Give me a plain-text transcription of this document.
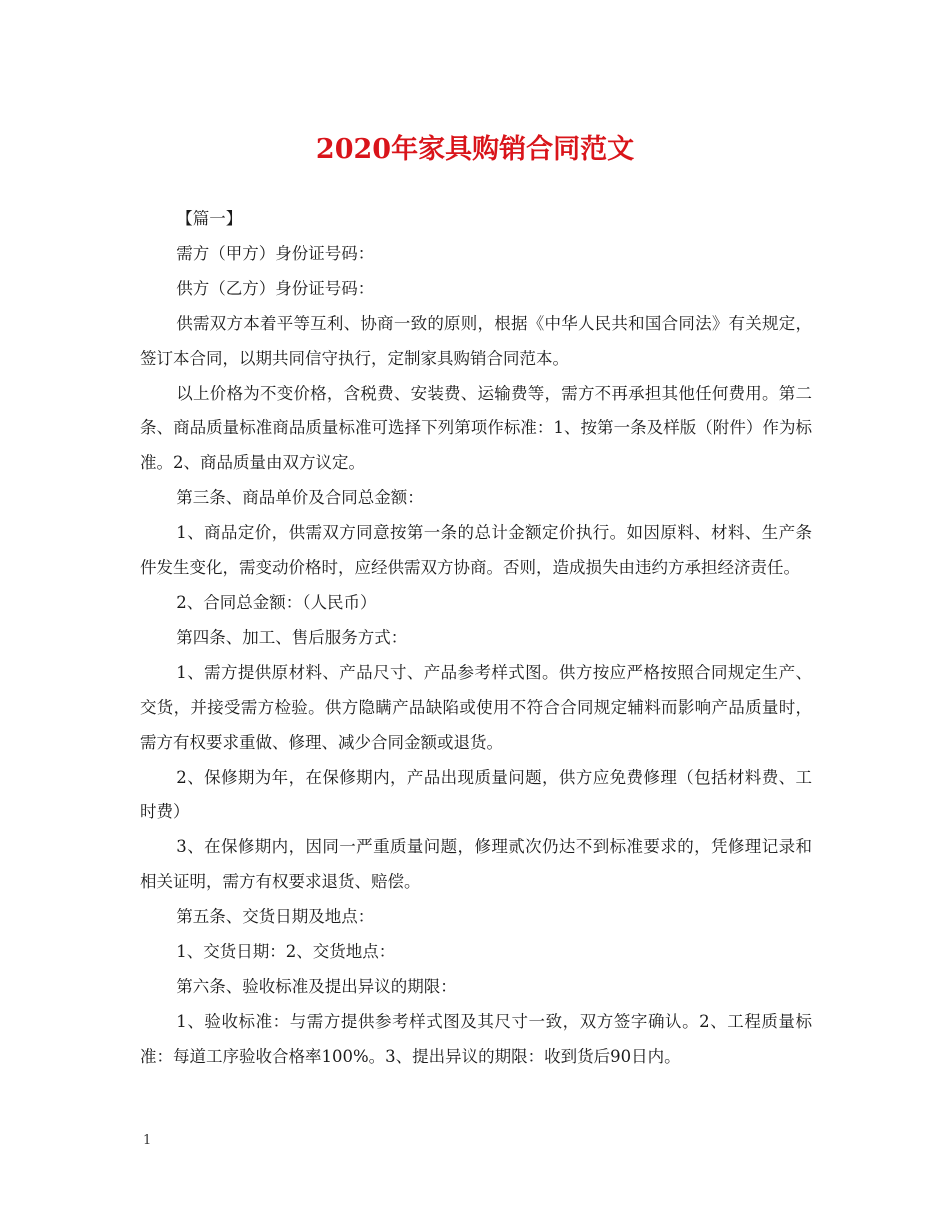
2020年家具购销合同范文

【篇一】

需方（甲方）身份证号码：

供方（乙方）身份证号码：

供需双方本着平等互利、协商一致的原则，根据《中华人民共和国合同法》有关规定，签订本合同，以期共同信守执行，定制家具购销合同范本。

以上价格为不变价格，含税费、安装费、运输费等，需方不再承担其他任何费用。第二条、商品质量标准商品质量标准可选择下列第项作标准：1、按第一条及样版（附件）作为标准。2、商品质量由双方议定。

第三条、商品单价及合同总金额：

1、商品定价，供需双方同意按第一条的总计金额定价执行。如因原料、材料、生产条件发生变化，需变动价格时，应经供需双方协商。否则，造成损失由违约方承担经济责任。

2、合同总金额：（人民币）

第四条、加工、售后服务方式：

1、需方提供原材料、产品尺寸、产品参考样式图。供方按应严格按照合同规定生产、交货，并接受需方检验。供方隐瞒产品缺陷或使用不符合合同规定辅料而影响产品质量时，需方有权要求重做、修理、减少合同金额或退货。

2、保修期为年，在保修期内，产品出现质量问题，供方应免费修理（包括材料费、工时费）

3、在保修期内，因同一严重质量问题，修理贰次仍达不到标准要求的，凭修理记录和相关证明，需方有权要求退货、赔偿。

第五条、交货日期及地点：

1、交货日期：2、交货地点：

第六条、验收标准及提出异议的期限：

1、验收标准：与需方提供参考样式图及其尺寸一致，双方签字确认。2、工程质量标准：每道工序验收合格率100%。3、提出异议的期限：收到货后90日内。

1
